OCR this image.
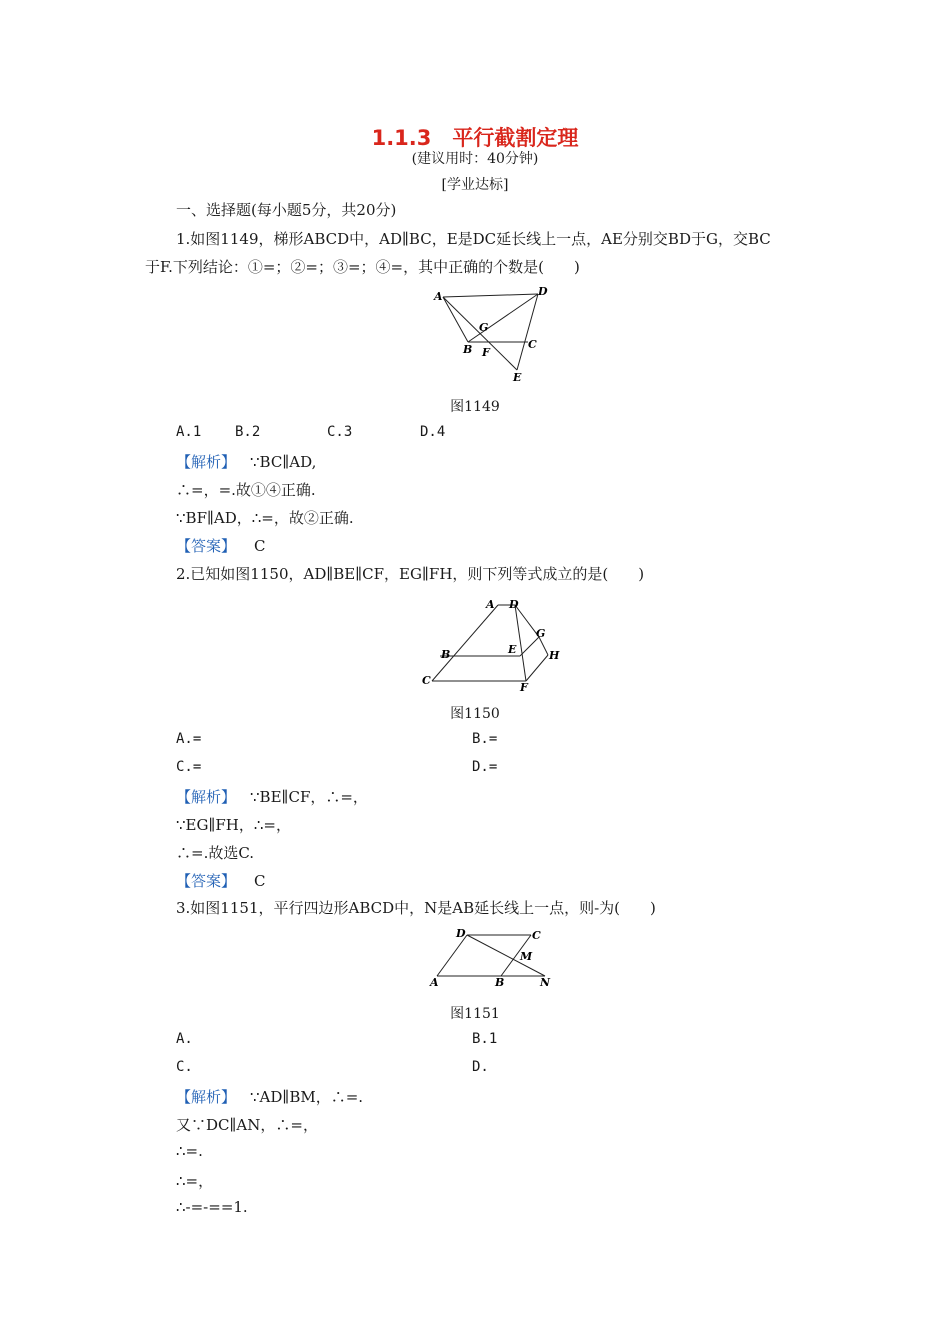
1.1.3　平行截割定理
(建议用时：40分钟)
[学业达标]
一、选择题(每小题5分，共20分)
1.如图1149，梯形ABCD中，AD∥BC，E是DC延长线上一点，AE分别交BD于G，交BC
于F.下列结论：①=；②=；③=；④=，其中正确的个数是(　　)
A	D
G
B F
C
E
图1149
A.1 B.2	C.3	D.4
【解析】 ∵BC∥AD,
∴=，=.故①④正确.
∵BF∥AD，∴=，故②正确.
【答案】 C
2.已知如图1150，AD∥BE∥CF，EG∥FH，则下列等式成立的是(　　)
A D
G
B	E	H
C
F
图1150
A.=	B.=
C.=	D.=
【解析】 ∵BE∥CF，∴=，
∵EG∥FH，∴=，
∴=.故选C.
【答案】 C
3.如图1151，平行四边形ABCD中，N是AB延长线上一点，则-为(　　)
D	C
M
A	B	N
图1151
A.	B.1
C.	D.
【解析】 ∵AD∥BM，∴=.
又∵DC∥AN，∴=，
∴=.
∴=，
∴-=-==1.
